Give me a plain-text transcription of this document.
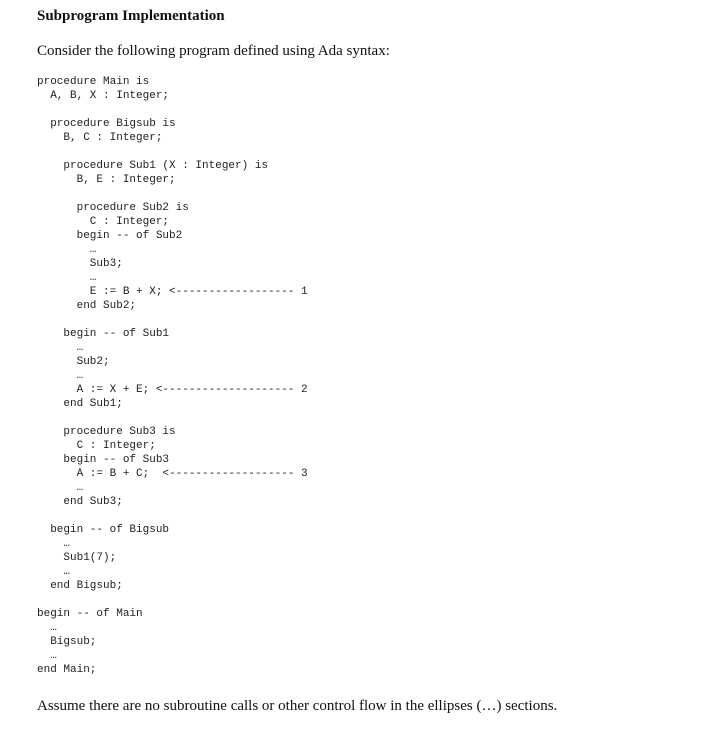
Subprogram Implementation
Consider the following program defined using Ada syntax:
procedure Main is
A, B, X : Integer;
procedure Bigsub is
B, C : Integer;
procedure Sub1 (X : Integer) is
B, E : Integer;
procedure Sub2 is
C : Integer;
begin -- of Sub2
…
Sub3;
…
E := B + X; <------------------ 1
end Sub2;
begin -- of Sub1
…
Sub2;
…
A := X + E; <-------------------- 2
end Sub1;
procedure Sub3 is
C : Integer;
begin -- of Sub3
A := B + C;  <------------------- 3
…
end Sub3;
begin -- of Bigsub
…
Sub1(7);
…
end Bigsub;
begin -- of Main
…
Bigsub;
…
end Main;
Assume there are no subroutine calls or other control flow in the ellipses (…) sections.
